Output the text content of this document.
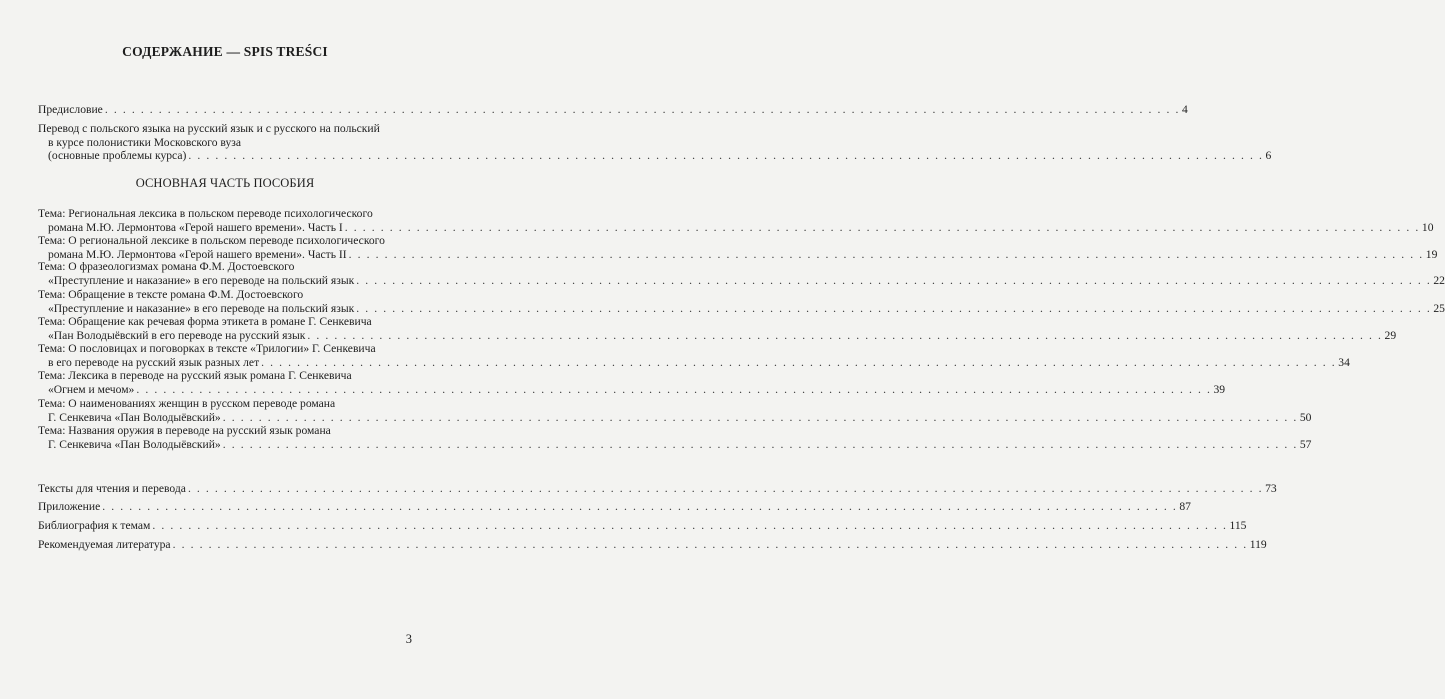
СОДЕРЖАНИЕ — SPIS TREŚCI
ОСНОВНАЯ ЧАСТЬ ПОСОБИЯ
Предисловие . . . . . . . . . . . . . . . . . . . . . . . . . . . . . . . . . . . . . . . . . . . . . . . . . . . . . . . . . . . . . . . . . . . . . . . . . . . . . . . . . . . . . . . . . . . . . . . . . . . . . . . . . . . . . . . . . . . . . . . . 4
Перевод с польского языка на русский язык и с русского на польский
в курсе полонистики Московского вуза
(основные проблемы курса) . . . . . . . . . . . . . . . . . . . . . . . . . . . . . . . . . . . . . . . . . . . . . . . . . . . . . . . . . . . . . . . . . . . . . . . . . . . . . . . . . . . . . . . . . . . . . . . . . . . . . . . . . . . . . . . . . . . . . . . . 6
Тема: Региональная лексика в польском переводе психологического
романа М.Ю. Лермонтова «Герой нашего времени». Часть I . . . . . . . . . . . . . . . . . . . . . . . . . . . . . . . . . . . . . . . . . . . . . . . . . . . . . . . . . . . . . . . . . . . . . . . . . . . . . . . . . . . . . . . . . . . . . . . . . . . . . . . . . . . . . . . . . . . . . . . . 10
Тема: О региональной лексике в польском переводе психологического
романа М.Ю. Лермонтова «Герой нашего времени». Часть II . . . . . . . . . . . . . . . . . . . . . . . . . . . . . . . . . . . . . . . . . . . . . . . . . . . . . . . . . . . . . . . . . . . . . . . . . . . . . . . . . . . . . . . . . . . . . . . . . . . . . . . . . . . . . . . . . . . . . . . . 19
Тема: О фразеологизмах романа Ф.М. Достоевского
«Преступление и наказание» в его переводе на польский язык . . . . . . . . . . . . . . . . . . . . . . . . . . . . . . . . . . . . . . . . . . . . . . . . . . . . . . . . . . . . . . . . . . . . . . . . . . . . . . . . . . . . . . . . . . . . . . . . . . . . . . . . . . . . . . . . . . . . . . . . 22
Тема: Обращение в тексте романа Ф.М. Достоевского
«Преступление и наказание» в его переводе на польский язык . . . . . . . . . . . . . . . . . . . . . . . . . . . . . . . . . . . . . . . . . . . . . . . . . . . . . . . . . . . . . . . . . . . . . . . . . . . . . . . . . . . . . . . . . . . . . . . . . . . . . . . . . . . . . . . . . . . . . . . . 25
Тема: Обращение как речевая форма этикета в романе Г. Сенкевича
«Пан Володыёвский в его переводе на русский язык . . . . . . . . . . . . . . . . . . . . . . . . . . . . . . . . . . . . . . . . . . . . . . . . . . . . . . . . . . . . . . . . . . . . . . . . . . . . . . . . . . . . . . . . . . . . . . . . . . . . . . . . . . . . . . . . . . . . . . . . 29
Тема: О пословицах и поговорках в тексте «Трилогии» Г. Сенкевича
в его переводе на русский язык разных лет . . . . . . . . . . . . . . . . . . . . . . . . . . . . . . . . . . . . . . . . . . . . . . . . . . . . . . . . . . . . . . . . . . . . . . . . . . . . . . . . . . . . . . . . . . . . . . . . . . . . . . . . . . . . . . . . . . . . . . . . 34
Тема: Лексика в переводе на русский язык романа Г. Сенкевича
«Огнем и мечом» . . . . . . . . . . . . . . . . . . . . . . . . . . . . . . . . . . . . . . . . . . . . . . . . . . . . . . . . . . . . . . . . . . . . . . . . . . . . . . . . . . . . . . . . . . . . . . . . . . . . . . . . . . . . . . . . . . . . . . . . 39
Тема: О наименованиях женщин в русском переводе романа
Г. Сенкевича «Пан Володыёвский» . . . . . . . . . . . . . . . . . . . . . . . . . . . . . . . . . . . . . . . . . . . . . . . . . . . . . . . . . . . . . . . . . . . . . . . . . . . . . . . . . . . . . . . . . . . . . . . . . . . . . . . . . . . . . . . . . . . . . . . . 50
Тема: Названия оружия в переводе на русский язык романа
Г. Сенкевича «Пан Володыёвский» . . . . . . . . . . . . . . . . . . . . . . . . . . . . . . . . . . . . . . . . . . . . . . . . . . . . . . . . . . . . . . . . . . . . . . . . . . . . . . . . . . . . . . . . . . . . . . . . . . . . . . . . . . . . . . . . . . . . . . . . 57
Тексты для чтения и перевода . . . . . . . . . . . . . . . . . . . . . . . . . . . . . . . . . . . . . . . . . . . . . . . . . . . . . . . . . . . . . . . . . . . . . . . . . . . . . . . . . . . . . . . . . . . . . . . . . . . . . . . . . . . . . . . . . . . . . . . . 73
Приложение . . . . . . . . . . . . . . . . . . . . . . . . . . . . . . . . . . . . . . . . . . . . . . . . . . . . . . . . . . . . . . . . . . . . . . . . . . . . . . . . . . . . . . . . . . . . . . . . . . . . . . . . . . . . . . . . . . . . . . . . 87
Библиография к темам . . . . . . . . . . . . . . . . . . . . . . . . . . . . . . . . . . . . . . . . . . . . . . . . . . . . . . . . . . . . . . . . . . . . . . . . . . . . . . . . . . . . . . . . . . . . . . . . . . . . . . . . . . . . . . . . . . . . . . . . 115
Рекомендуемая литература . . . . . . . . . . . . . . . . . . . . . . . . . . . . . . . . . . . . . . . . . . . . . . . . . . . . . . . . . . . . . . . . . . . . . . . . . . . . . . . . . . . . . . . . . . . . . . . . . . . . . . . . . . . . . . . . . . . . . . . . 119
3
